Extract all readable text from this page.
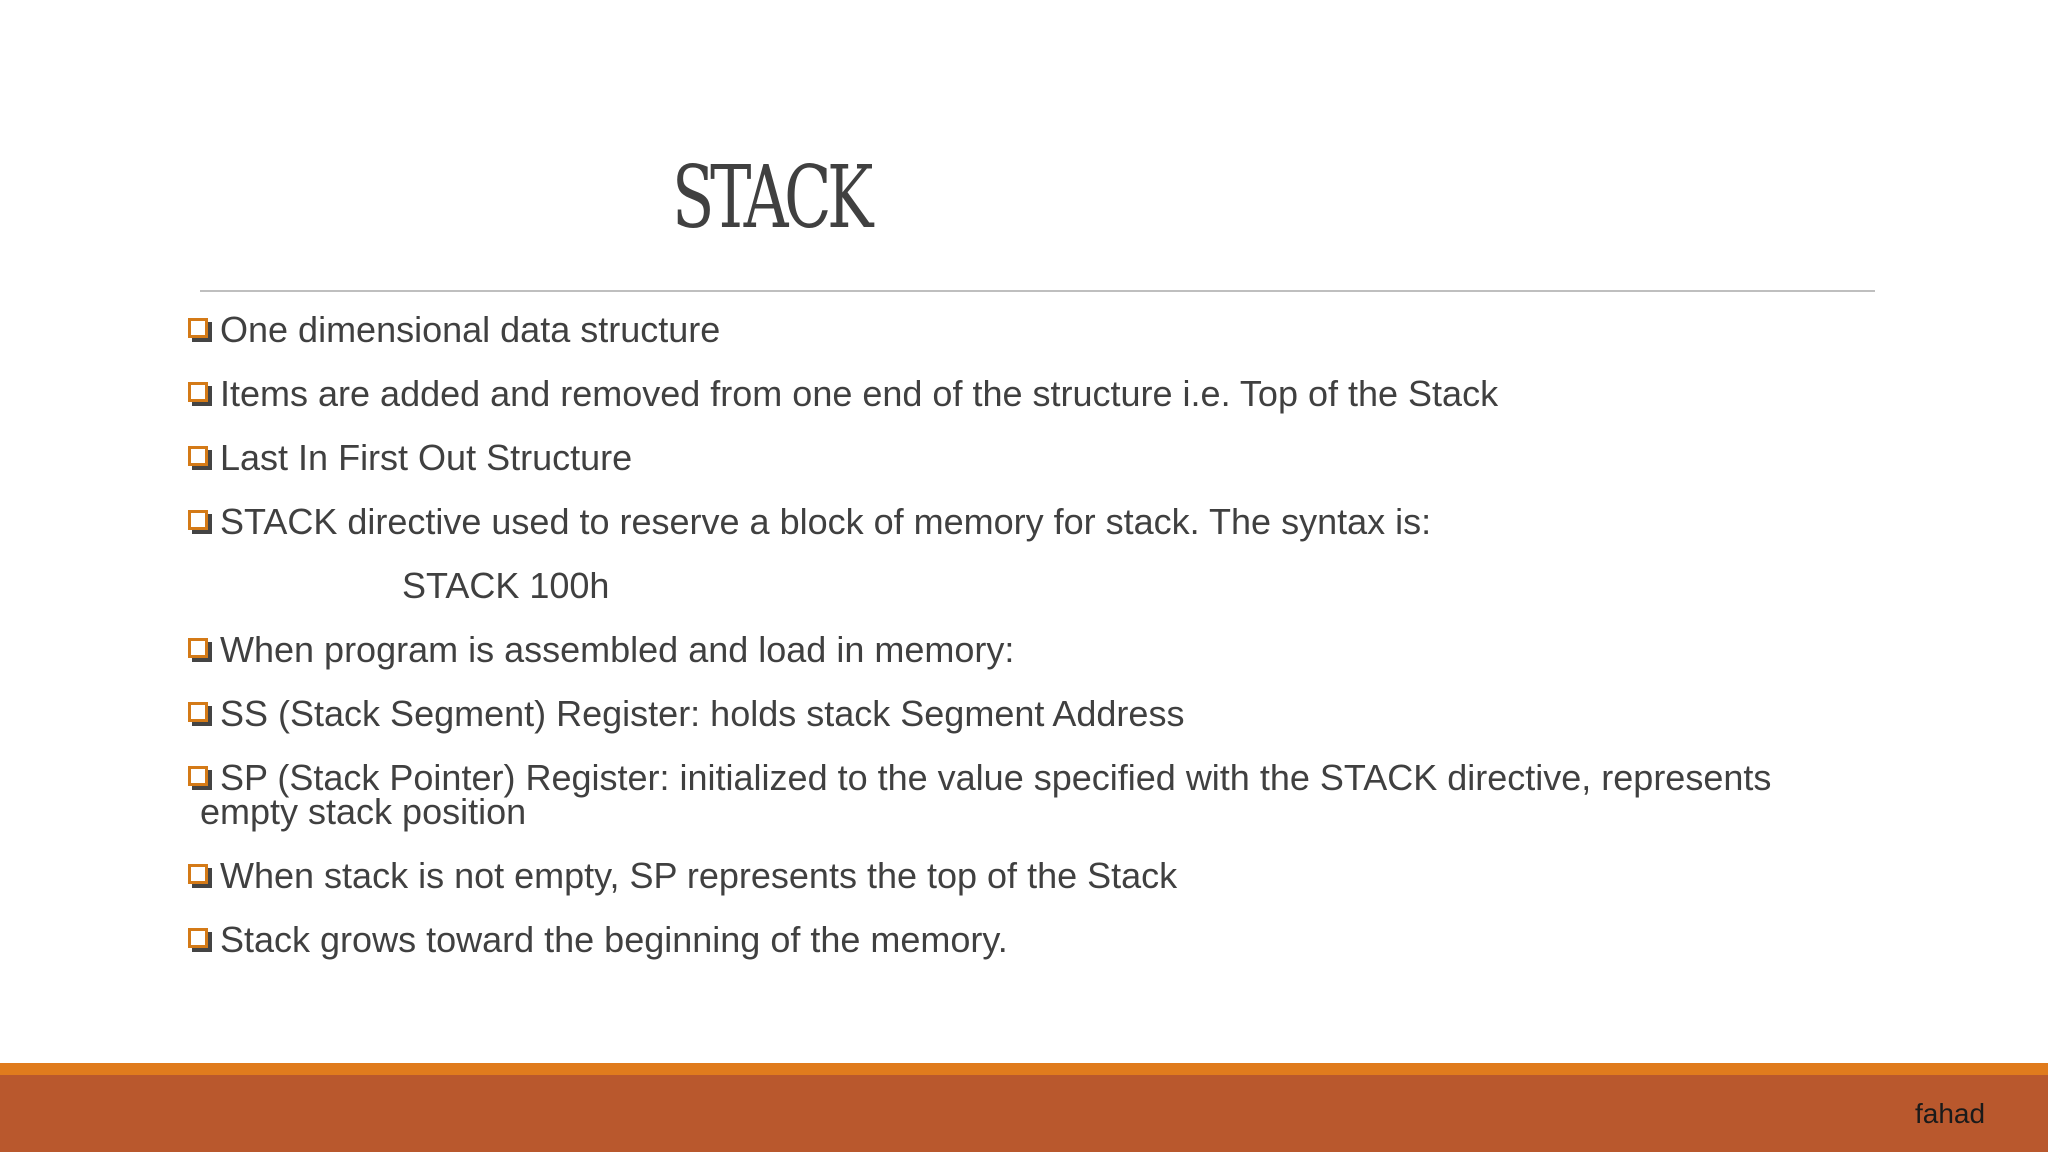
STACK
One dimensional data structure
Items are added and removed from one end of the structure i.e. Top of the Stack
Last In First Out Structure
STACK directive used to reserve a block of memory for stack. The syntax is:
STACK 100h
When program is assembled and load in memory:
SS (Stack Segment) Register: holds stack Segment Address
SP (Stack Pointer) Register: initialized to the value specified with the STACK directive, represents
empty stack position
When stack is not empty, SP represents the top of the Stack
Stack grows toward the beginning of the memory.
fahad
